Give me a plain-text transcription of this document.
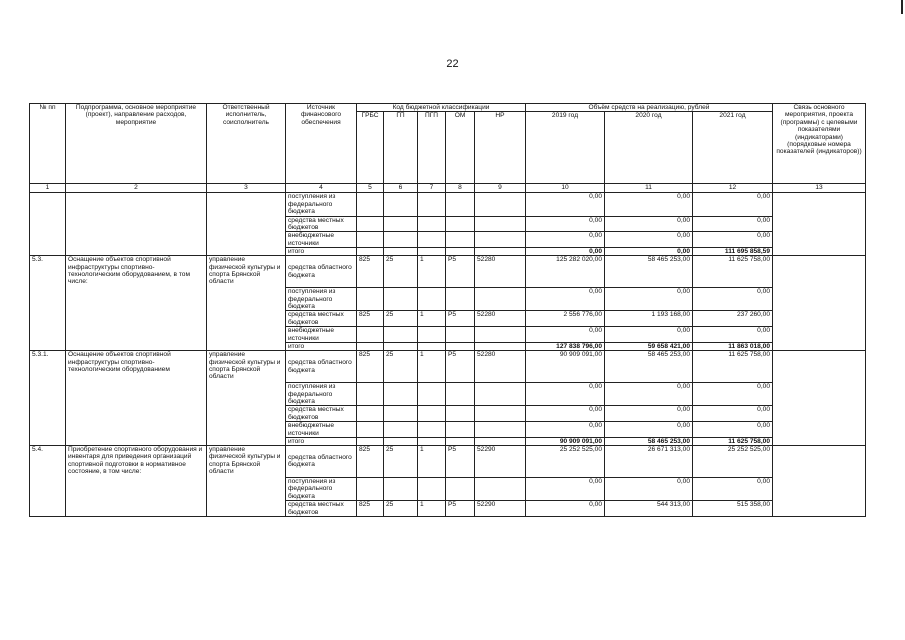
22
№ пп	Подпрограмма, основное мероприятие (проект), направление расходов, мероприятие	Ответственный исполнитель, соисполнитель	Источник финансового обеспечения	Код бюджетной классификации					Объём средств на реализацию, рублей			Связь основного мероприятия, проекта (программы) с целевыми показателями (индикаторами) (порядковые номера показателей (индикаторов))
				ГРБС	ГП	ПГП	ОМ	НР	2019 год	2020 год	2021 год	
1	2	3	4	5	6	7	8	9	10	11	12	13
			поступления из федерального бюджета						0,00	0,00	0,00	
			средства местных бюджетов						0,00	0,00	0,00	
			внебюджетные источники						0,00	0,00	0,00	
			итого						0,00	0,00	111 695 858,59	
5.3.	Оснащение объектов спортивной инфраструктуры спортивно-технологическим оборудованием, в том числе:	управление физической культуры и спорта Брянской области	средства областного бюджета	825	25	1	P5	52280	125 282 020,00	58 465 253,00	11 625 758,00	
			поступления из федерального бюджета						0,00	0,00	0,00	
			средства местных бюджетов	825	25	1	P5	52280	2 556 776,00	1 193 168,00	237 260,00	
			внебюджетные источники						0,00	0,00	0,00	
			итого						127 838 796,00	59 658 421,00	11 863 018,00	
5.3.1.	Оснащение объектов спортивной инфраструктуры спортивно-технологическим оборудованием	управление физической культуры и спорта Брянской области	средства областного бюджета	825	25	1	P5	52280	90 909 091,00	58 465 253,00	11 625 758,00	
			поступления из федерального бюджета						0,00	0,00	0,00	
			средства местных бюджетов						0,00	0,00	0,00	
			внебюджетные источники						0,00	0,00	0,00	
			итого						90 909 091,00	58 465 253,00	11 625 758,00	
5.4.	Приобретение спортивного оборудования и инвентаря для приведения организаций спортивной подготовки в нормативное состояние, в том числе:	управление физической культуры и спорта Брянской области	средства областного бюджета	825	25	1	P5	52290	25 252 525,00	26 671 313,00	25 252 525,00	
			поступления из федерального бюджета						0,00	0,00	0,00	
			средства местных бюджетов	825	25	1	P5	52290	0,00	544 313,00	515 358,00	
